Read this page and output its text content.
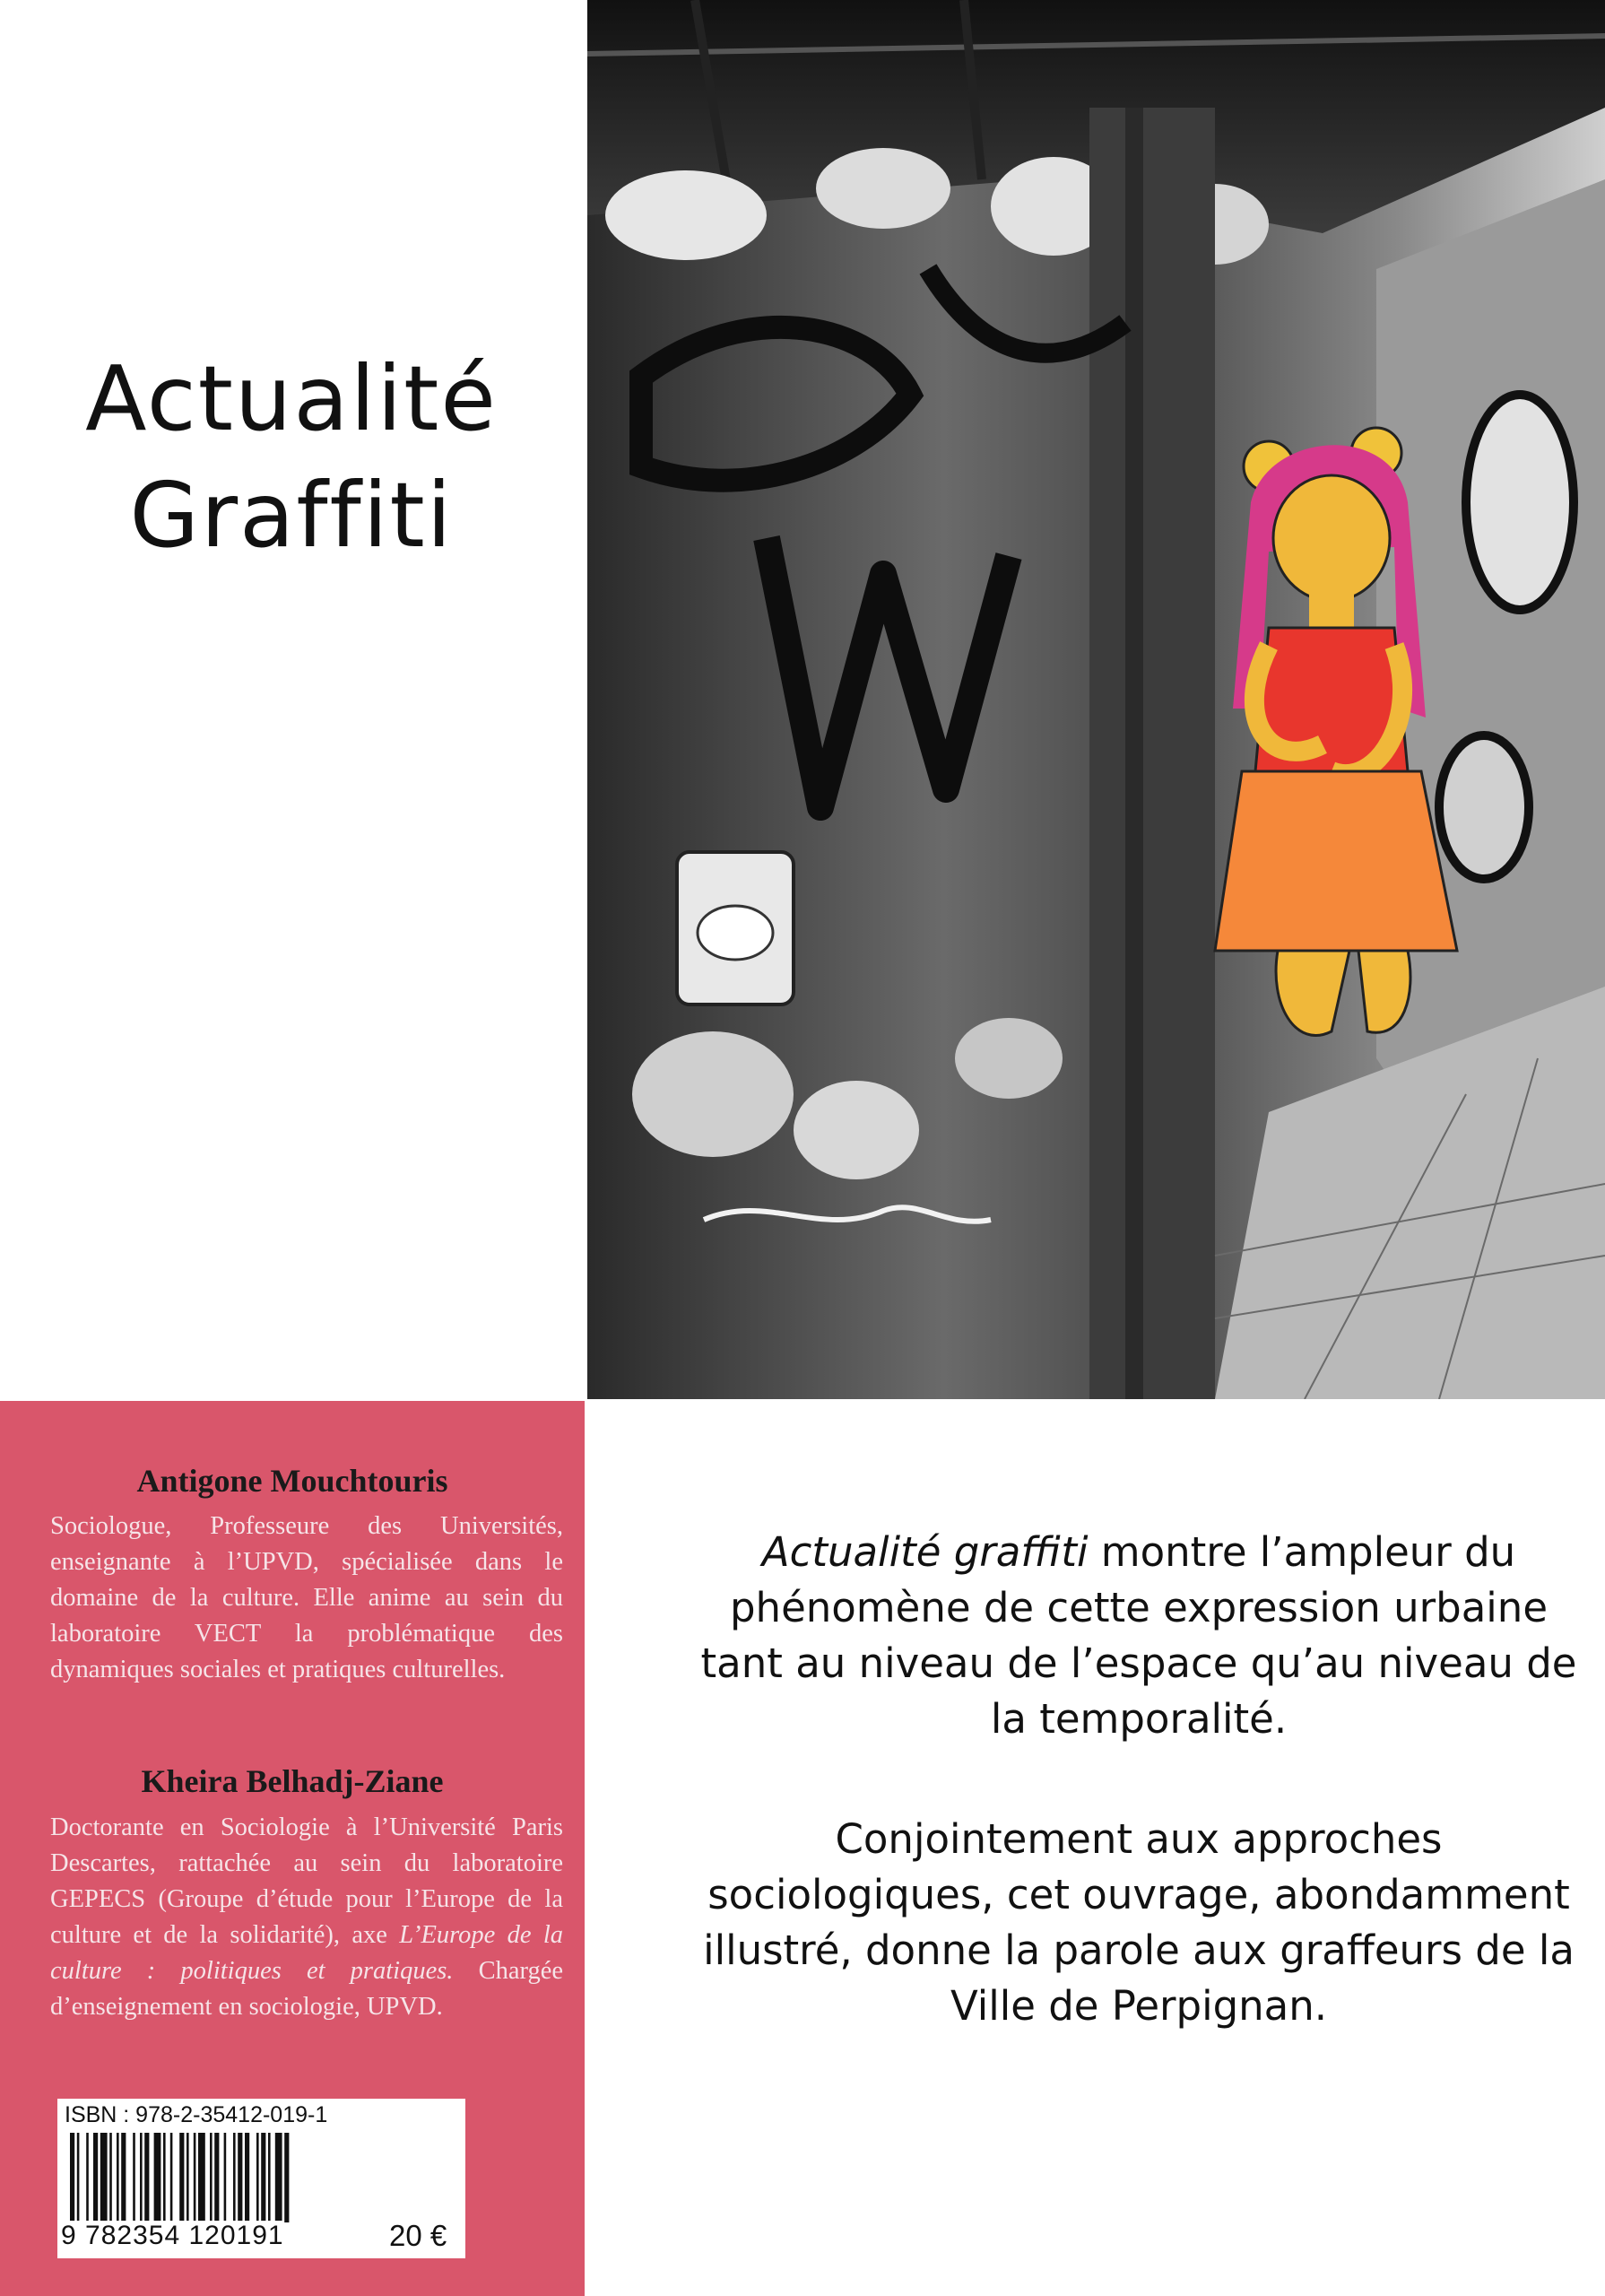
Actualité
Graffiti
Antigone Mouchtouris
Sociologue, Professeure des Universités, enseignante à l’UPVD, spécialisée dans le domaine de la culture. Elle anime au sein du laboratoire VECT la problématique des dynamiques sociales et pratiques culturelles.
Kheira Belhadj-Ziane
Doctorante en Sociologie à l’Université Paris Descartes, rattachée au sein du laboratoire GEPECS (Groupe d’étude pour l’Europe de la culture et de la solidarité), axe L’Europe de la culture : politiques et pratiques. Chargée d’enseignement en sociologie, UPVD.
ISBN : 978-2-35412-019-1
9 782354 120191	20 €
Actualité graffiti montre l’ampleur du phénomène de cette expression urbaine tant au niveau de l’espace qu’au niveau de la temporalité.
Conjointement aux approches sociologiques, cet ouvrage, abondamment illustré, donne la parole aux graffeurs de la Ville de Perpignan.
